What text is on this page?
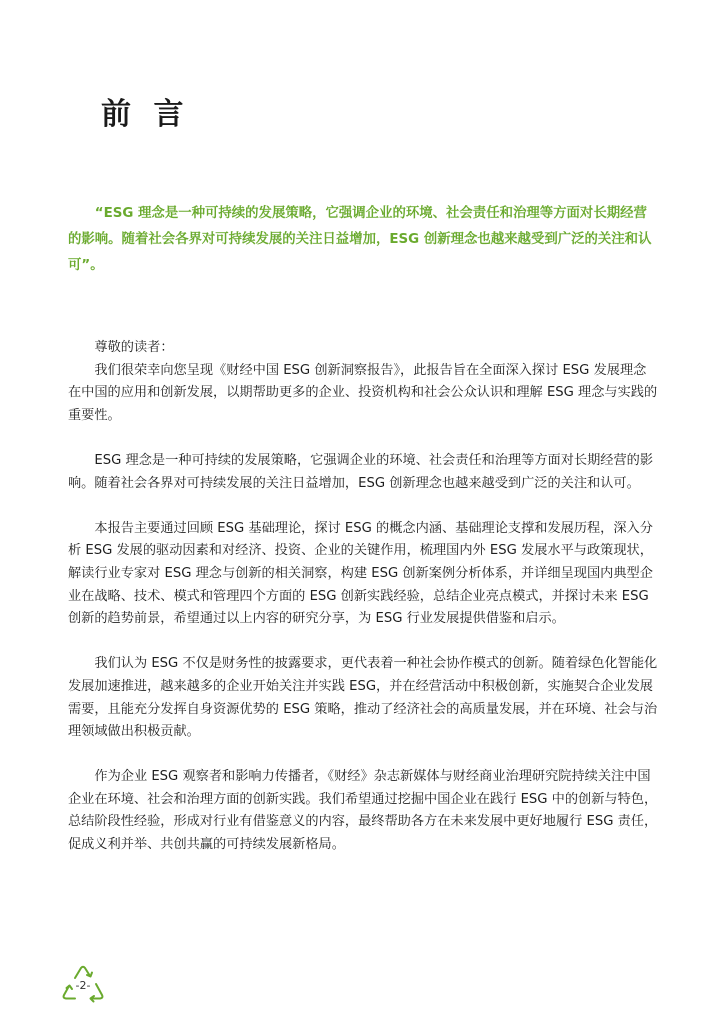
前 言

“ESG 理念是一种可持续的发展策略，它强调企业的环境、社会责任和治理等方面对长期经营的影响。随着社会各界对可持续发展的关注日益增加，ESG 创新理念也越来越受到广泛的关注和认可”。

尊敬的读者：

我们很荣幸向您呈现《财经中国 ESG 创新洞察报告》，此报告旨在全面深入探讨 ESG 发展理念在中国的应用和创新发展，以期帮助更多的企业、投资机构和社会公众认识和理解 ESG 理念与实践的重要性。

ESG 理念是一种可持续的发展策略，它强调企业的环境、社会责任和治理等方面对长期经营的影响。随着社会各界对可持续发展的关注日益增加，ESG 创新理念也越来越受到广泛的关注和认可。

本报告主要通过回顾 ESG 基础理论，探讨 ESG 的概念内涵、基础理论支撑和发展历程，深入分析 ESG 发展的驱动因素和对经济、投资、企业的关键作用，梳理国内外 ESG 发展水平与政策现状，解读行业专家对 ESG 理念与创新的相关洞察，构建 ESG 创新案例分析体系，并详细呈现国内典型企业在战略、技术、模式和管理四个方面的 ESG 创新实践经验，总结企业亮点模式，并探讨未来 ESG 创新的趋势前景，希望通过以上内容的研究分享，为 ESG 行业发展提供借鉴和启示。

我们认为 ESG 不仅是财务性的披露要求，更代表着一种社会协作模式的创新。随着绿色化智能化发展加速推进，越来越多的企业开始关注并实践 ESG，并在经营活动中积极创新，实施契合企业发展需要，且能充分发挥自身资源优势的 ESG 策略，推动了经济社会的高质量发展，并在环境、社会与治理领域做出积极贡献。

作为企业 ESG 观察者和影响力传播者，《财经》杂志新媒体与财经商业治理研究院持续关注中国企业在环境、社会和治理方面的创新实践。我们希望通过挖掘中国企业在践行 ESG 中的创新与特色，总结阶段性经验，形成对行业有借鉴意义的内容，最终帮助各方在未来发展中更好地履行 ESG 责任，促成义利并举、共创共赢的可持续发展新格局。

-2-
